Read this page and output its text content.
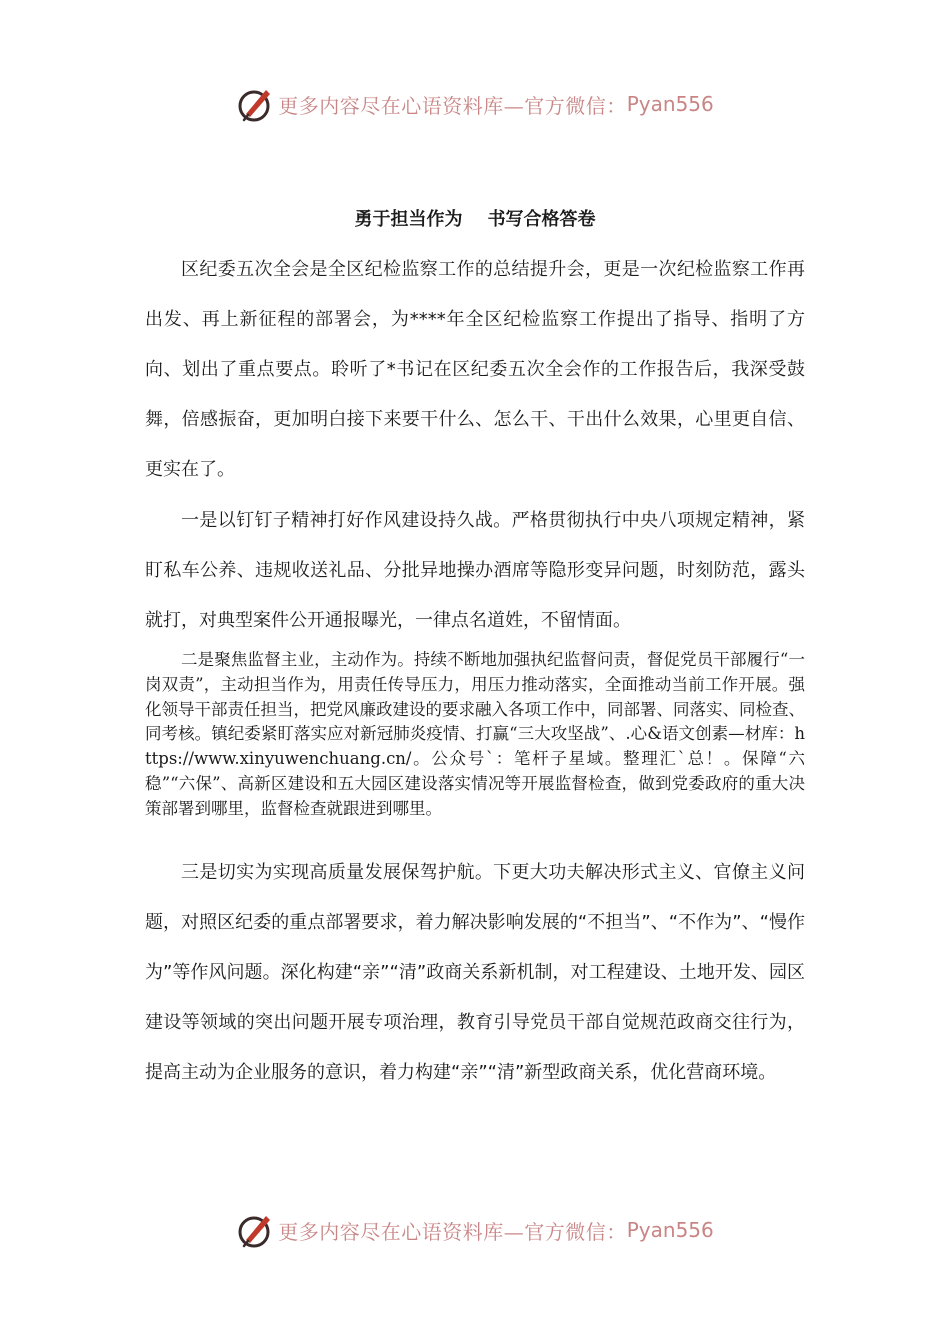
更多内容尽在心语资料库—官方微信： Pyan556
勇于担当作为    书写合格答卷

区纪委五次全会是全区纪检监察工作的总结提升会，更是一次纪检监察工作再出发、再上新征程的部署会，为****年全区纪检监察工作提出了指导、指明了方向、划出了重点要点。聆听了*书记在区纪委五次全会作的工作报告后，我深受鼓舞，倍感振奋，更加明白接下来要干什么、怎么干、干出什么效果，心里更自信、更实在了。

一是以钉钉子精神打好作风建设持久战。严格贯彻执行中央八项规定精神，紧盯私车公养、违规收送礼品、分批异地操办酒席等隐形变异问题，时刻防范，露头就打，对典型案件公开通报曝光，一律点名道姓，不留情面。

二是聚焦监督主业，主动作为。持续不断地加强执纪监督问责，督促党员干部履行“一岗双责”，主动担当作为，用责任传导压力，用压力推动落实，全面推动当前工作开展。强化领导干部责任担当，把党风廉政建设的要求融入各项工作中，同部署、同落实、同检查、同考核。镇纪委紧盯落实应对新冠肺炎疫情、打赢“三大攻坚战”、.心&语文创素—材库：https://www.xinyuwenchuang.cn/。公众号`：笔杆子星域。整理汇`总！。保障“六稳”“六保”、高新区建设和五大园区建设落实情况等开展监督检查，做到党委政府的重大决策部署到哪里，监督检查就跟进到哪里。

三是切实为实现高质量发展保驾护航。下更大功夫解决形式主义、官僚主义问题，对照区纪委的重点部署要求，着力解决影响发展的“不担当”、“不作为”、“慢作为”等作风问题。深化构建“亲”“清”政商关系新机制，对工程建设、土地开发、园区建设等领域的突出问题开展专项治理，教育引导党员干部自觉规范政商交往行为，提高主动为企业服务的意识，着力构建“亲”“清”新型政商关系，优化营商环境。

更多内容尽在心语资料库—官方微信： Pyan556
